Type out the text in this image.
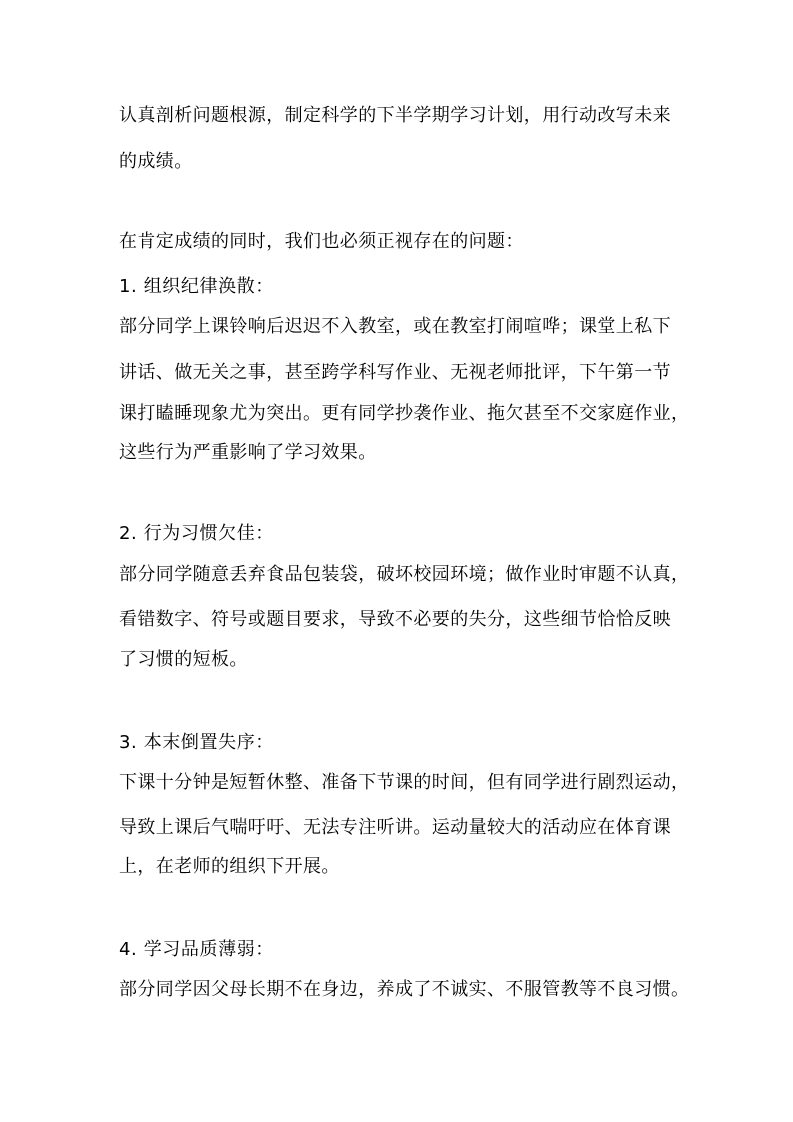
认真剖析问题根源，制定科学的下半学期学习计划，用行动改写未来
的成绩。
在肯定成绩的同时，我们也必须正视存在的问题：
1. 组织纪律涣散：
部分同学上课铃响后迟迟不入教室，或在教室打闹喧哗；课堂上私下
讲话、做无关之事，甚至跨学科写作业、无视老师批评，下午第一节
课打瞌睡现象尤为突出。更有同学抄袭作业、拖欠甚至不交家庭作业，
这些行为严重影响了学习效果。
2. 行为习惯欠佳：
部分同学随意丢弃食品包装袋，破坏校园环境；做作业时审题不认真，
看错数字、符号或题目要求，导致不必要的失分，这些细节恰恰反映
了习惯的短板。
3. 本末倒置失序：
下课十分钟是短暂休整、准备下节课的时间，但有同学进行剧烈运动，
导致上课后气喘吁吁、无法专注听讲。运动量较大的活动应在体育课
上，在老师的组织下开展。
4. 学习品质薄弱：
部分同学因父母长期不在身边，养成了不诚实、不服管教等不良习惯。
